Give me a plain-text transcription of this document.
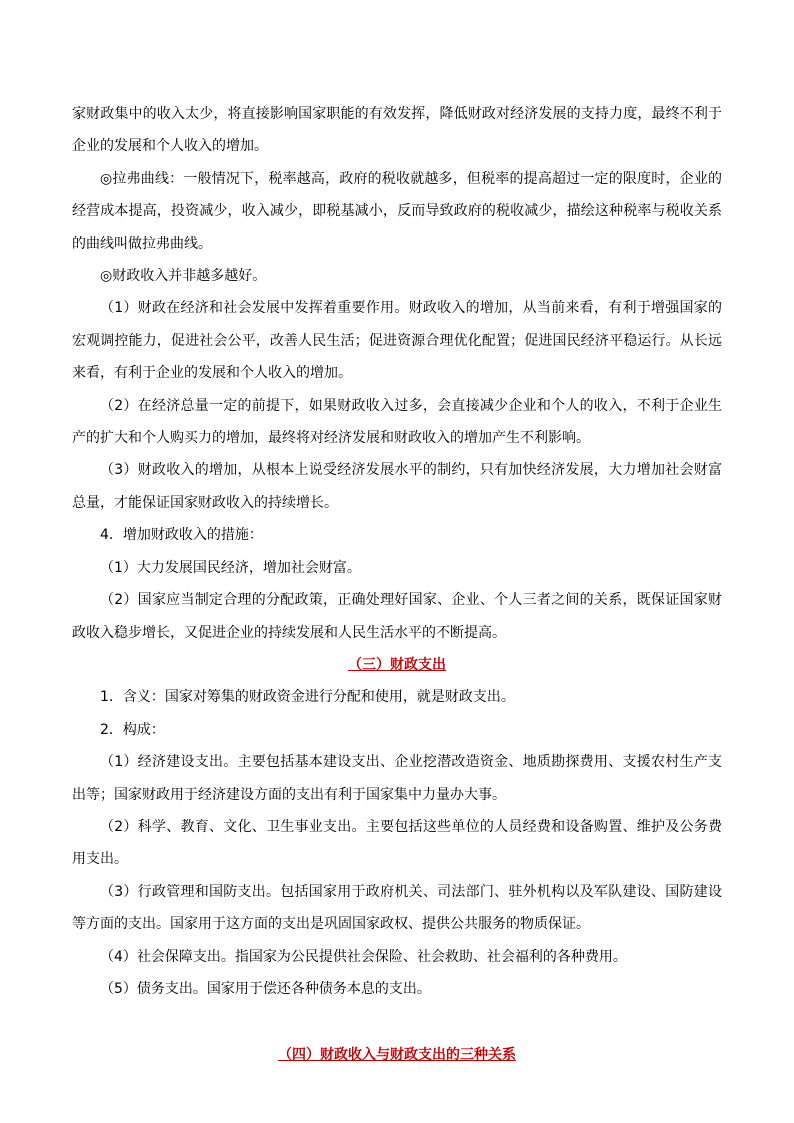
家财政集中的收入太少，将直接影响国家职能的有效发挥，降低财政对经济发展的支持力度，最终不利于企业的发展和个人收入的增加。

◎拉弗曲线：一般情况下，税率越高，政府的税收就越多，但税率的提高超过一定的限度时，企业的经营成本提高，投资减少，收入减少，即税基减小，反而导致政府的税收减少，描绘这种税率与税收关系的曲线叫做拉弗曲线。

◎财政收入并非越多越好。

（1）财政在经济和社会发展中发挥着重要作用。财政收入的增加，从当前来看，有利于增强国家的宏观调控能力，促进社会公平，改善人民生活；促进资源合理优化配置；促进国民经济平稳运行。从长远来看，有利于企业的发展和个人收入的增加。

（2）在经济总量一定的前提下，如果财政收入过多，会直接减少企业和个人的收入，不利于企业生产的扩大和个人购买力的增加，最终将对经济发展和财政收入的增加产生不利影响。

（3）财政收入的增加，从根本上说受经济发展水平的制约，只有加快经济发展，大力增加社会财富总量，才能保证国家财政收入的持续增长。

4．增加财政收入的措施：

（1）大力发展国民经济，增加社会财富。

（2）国家应当制定合理的分配政策，正确处理好国家、企业、个人三者之间的关系，既保证国家财政收入稳步增长，又促进企业的持续发展和人民生活水平的不断提高。

（三）财政支出

1．含义：国家对筹集的财政资金进行分配和使用，就是财政支出。

2．构成：

（1）经济建设支出。主要包括基本建设支出、企业挖潜改造资金、地质勘探费用、支援农村生产支出等；国家财政用于经济建设方面的支出有利于国家集中力量办大事。

（2）科学、教育、文化、卫生事业支出。主要包括这些单位的人员经费和设备购置、维护及公务费用支出。

（3）行政管理和国防支出。包括国家用于政府机关、司法部门、驻外机构以及军队建设、国防建设等方面的支出。国家用于这方面的支出是巩固国家政权、提供公共服务的物质保证。

（4）社会保障支出。指国家为公民提供社会保险、社会救助、社会福利的各种费用。

（5）债务支出。国家用于偿还各种债务本息的支出。

（四）财政收入与财政支出的三种关系
